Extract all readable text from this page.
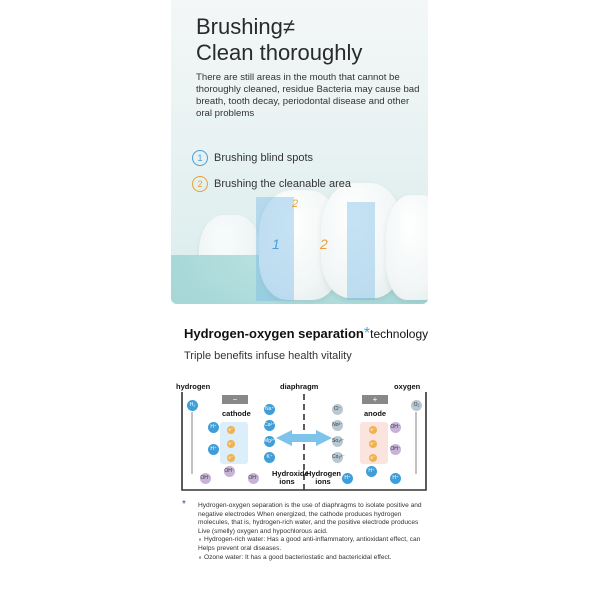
1	2
2
Brushing≠
Clean thoroughly
There are still areas in the mouth that cannot be thoroughly cleaned, residue Bacteria may cause bad breath, tooth decay, periodontal disease and other oral problems
1	Brushing blind spots
2	Brushing the cleanable area
Hydrogen-oxygen separation*technology
Triple benefits infuse health vitality
hydrogen	diaphragm	oxygen
−	+
cathode	anode
H₂	O₂
Na⁺
Ca²⁺
Mg²⁺
K⁺
Cl⁻
No³⁻
So₄²⁻
Co₃²⁻
H⁺
H⁺
e⁻
e⁻
e⁻
OH⁻
OH⁻
e⁻
e⁻
e⁻
OH⁻
OH⁻
OH⁻ Hydroxide ions
Hydrogen ions	H⁺
H⁺
H⁺
* Hydrogen-oxygen separation is the use of diaphragms to isolate positive and negative electrodes When energized, the cathode produces hydrogen molecules, that is, hydrogen-rich water, and the positive electrode produces Live (smelly) oxygen and hypochlorous acid.

∘ Hydrogen-rich water: Has a good anti-inflammatory, antioxidant effect, can Helps prevent oral diseases.

∘ Ozone water: It has a good bacteriostatic and bactericidal effect.
